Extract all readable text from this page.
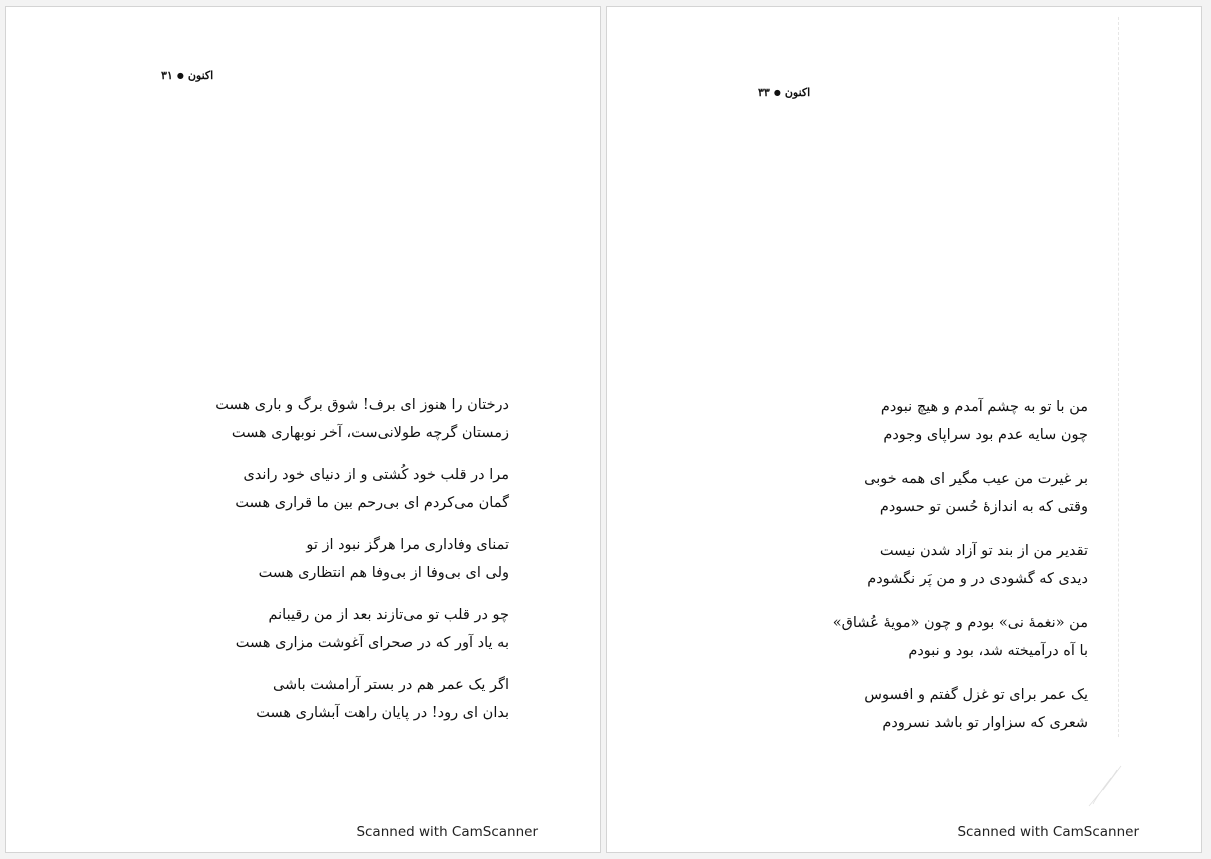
اکنون●۳۱
درختان را هنوز ای برف! شوق برگ و باری هست
زمستان گرچه طولانی‌ست، آخر نوبهاری هست
مرا در قلب خود کُشتی و از دنیای خود راندی
گمان می‌کردم ای بی‌رحم بین ما قراری هست
تمنای وفاداری مرا هرگز نبود از تو
ولی ای بی‌وفا از بی‌وفا هم انتظاری هست
چو در قلب تو می‌تازند بعد از من رقیبانم
به یاد آور که در صحرای آغوشت مزاری هست
اگر یک عمر هم در بستر آرامشت باشی
بدان ای رود! در پایان راهت آبشاری هست
Scanned with CamScanner
اکنون●۳۳
من با تو به چشم آمدم و هیچ نبودم
چون سایه عدم بود سراپای وجودم
بر غیرت من عیب مگیر ای همه خوبی
وقتی که به اندازهٔ حُسن تو حسودم
تقدیر من از بند تو آزاد شدن نیست
دیدی که گشودی در و من پَر نگشودم
من «نغمهٔ نی» بودم و چون «مویهٔ عُشاق»
با آه درآمیخته شد، بود و نبودم
یک عمر برای تو غزل گفتم و افسوس
شعری که سزاوار تو باشد نسرودم
Scanned with CamScanner
